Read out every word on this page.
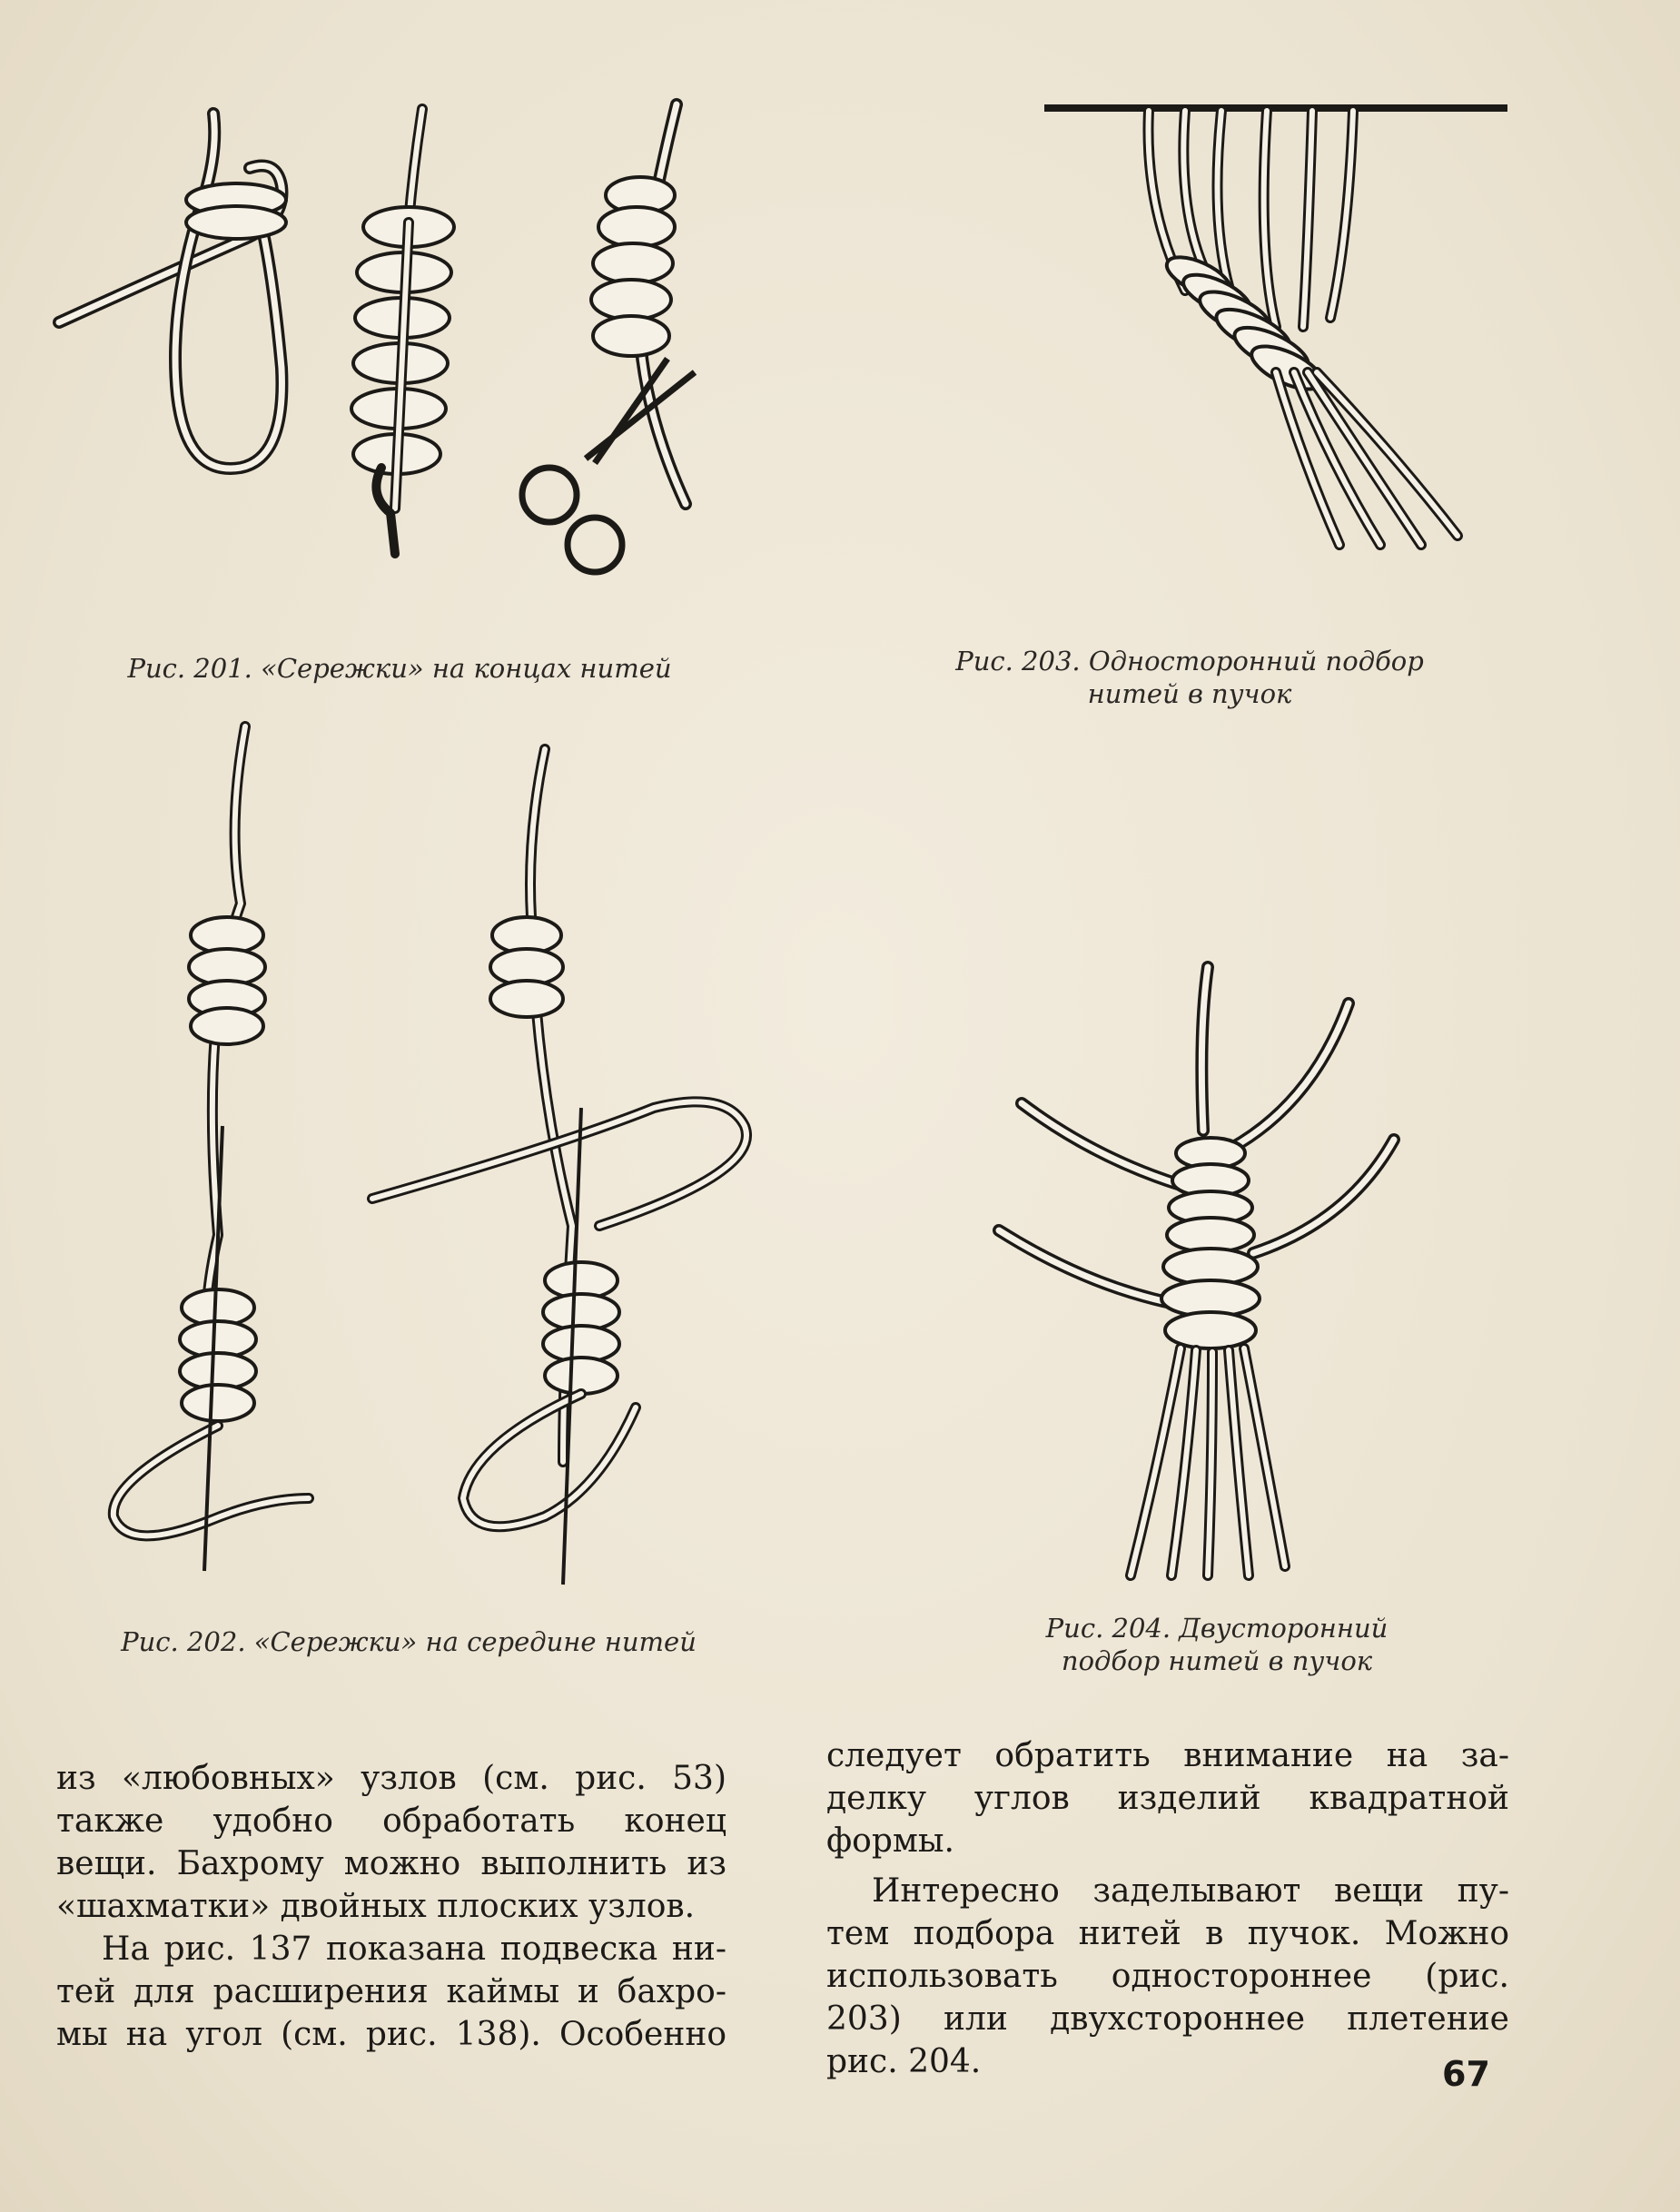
Рис. 201. «Сережки» на концах нитей	Рис. 203. Односторонний подбор
нитей в пучок
Рис. 202. «Сережки» на середине нитей	Рис. 204. Двусторонний
подбор нитей в пучок
из «любовных» узлов (см. рис. 53)
также удобно обработать конец
вещи. Бахрому можно выполнить из
«шахматки» двойных плоских узлов.
На рис. 137 показана подвеска ни-
тей для расширения каймы и бахро-
мы на угол (см. рис. 138). Особенно
следует обратить внимание на за-
делку углов изделий квадратной
формы.
Интересно заделывают вещи пу-
тем подбора нитей в пучок. Можно
использовать одностороннее (рис.
203) или двухстороннее плетение
рис. 204.	67
